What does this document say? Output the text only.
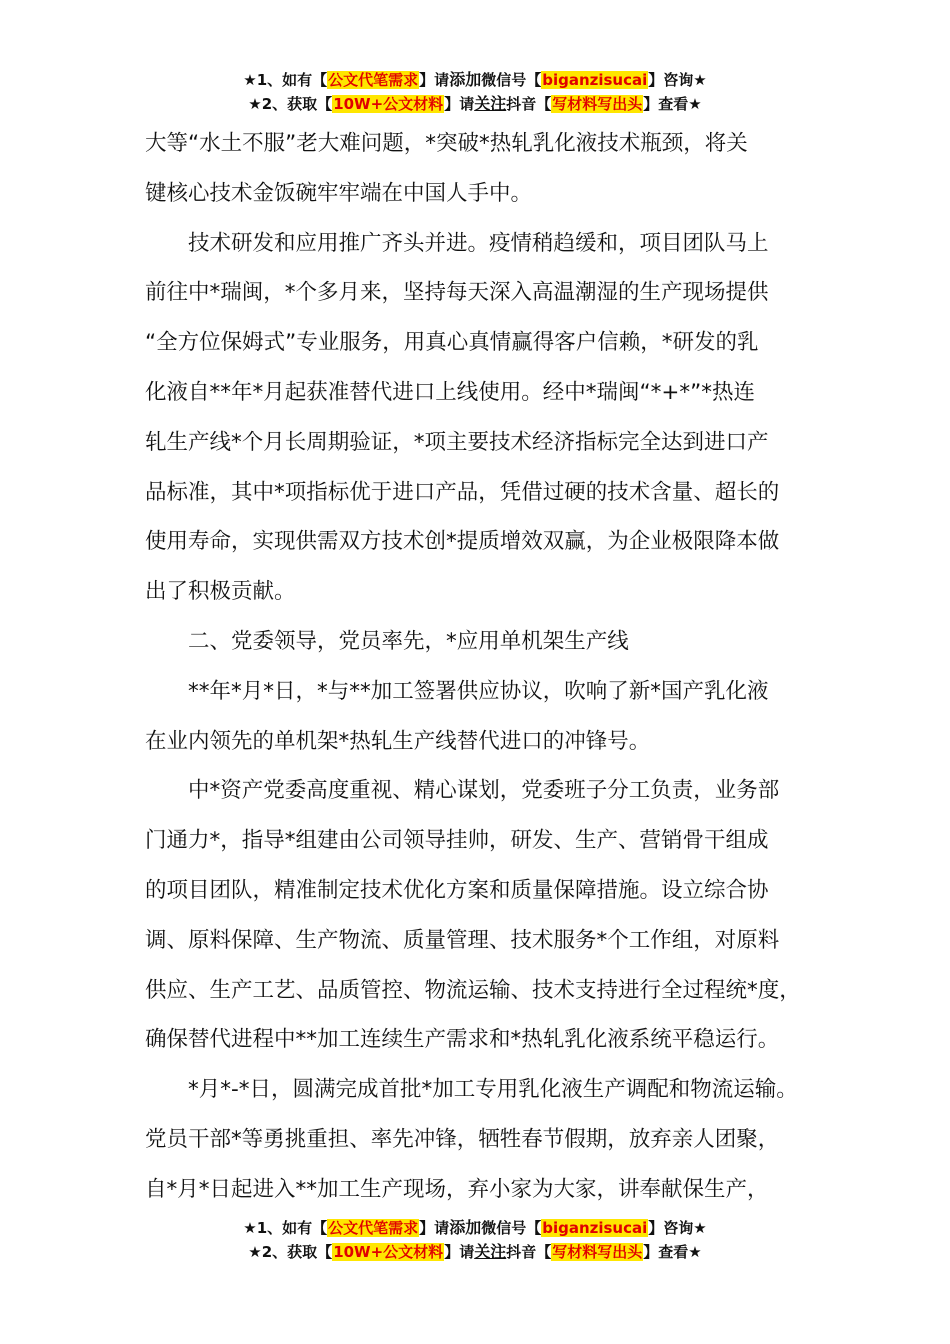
★1、如有【公文代笔需求】请添加微信号【biganzisucai】咨询★
★2、获取【10W+公文材料】请关注抖音【写材料写出头】查看★

大等“水土不服”老大难问题，*突破*热轧乳化液技术瓶颈，将关

键核心技术金饭碗牢牢端在中国人手中。

　　技术研发和应用推广齐头并进。疫情稍趋缓和，项目团队马上

前往中*瑞闽，*个多月来，坚持每天深入高温潮湿的生产现场提供

“全方位保姆式”专业服务，用真心真情赢得客户信赖，*研发的乳

化液自**年*月起获准替代进口上线使用。经中*瑞闽“*+*”*热连

轧生产线*个月长周期验证，*项主要技术经济指标完全达到进口产

品标准，其中*项指标优于进口产品，凭借过硬的技术含量、超长的

使用寿命，实现供需双方技术创*提质增效双赢，为企业极限降本做

出了积极贡献。

　　二、党委领导，党员率先，*应用单机架生产线

　　**年*月*日，*与**加工签署供应协议，吹响了新*国产乳化液

在业内领先的单机架*热轧生产线替代进口的冲锋号。

　　中*资产党委高度重视、精心谋划，党委班子分工负责，业务部

门通力*，指导*组建由公司领导挂帅，研发、生产、营销骨干组成

的项目团队，精准制定技术优化方案和质量保障措施。设立综合协

调、原料保障、生产物流、质量管理、技术服务*个工作组，对原料

供应、生产工艺、品质管控、物流运输、技术支持进行全过程统*度，

确保替代进程中**加工连续生产需求和*热轧乳化液系统平稳运行。

　　*月*-*日，圆满完成首批*加工专用乳化液生产调配和物流运输。

党员干部*等勇挑重担、率先冲锋，牺牲春节假期，放弃亲人团聚，

自*月*日起进入**加工生产现场，弃小家为大家，讲奉献保生产，

★1、如有【公文代笔需求】请添加微信号【biganzisucai】咨询★
★2、获取【10W+公文材料】请关注抖音【写材料写出头】查看★
